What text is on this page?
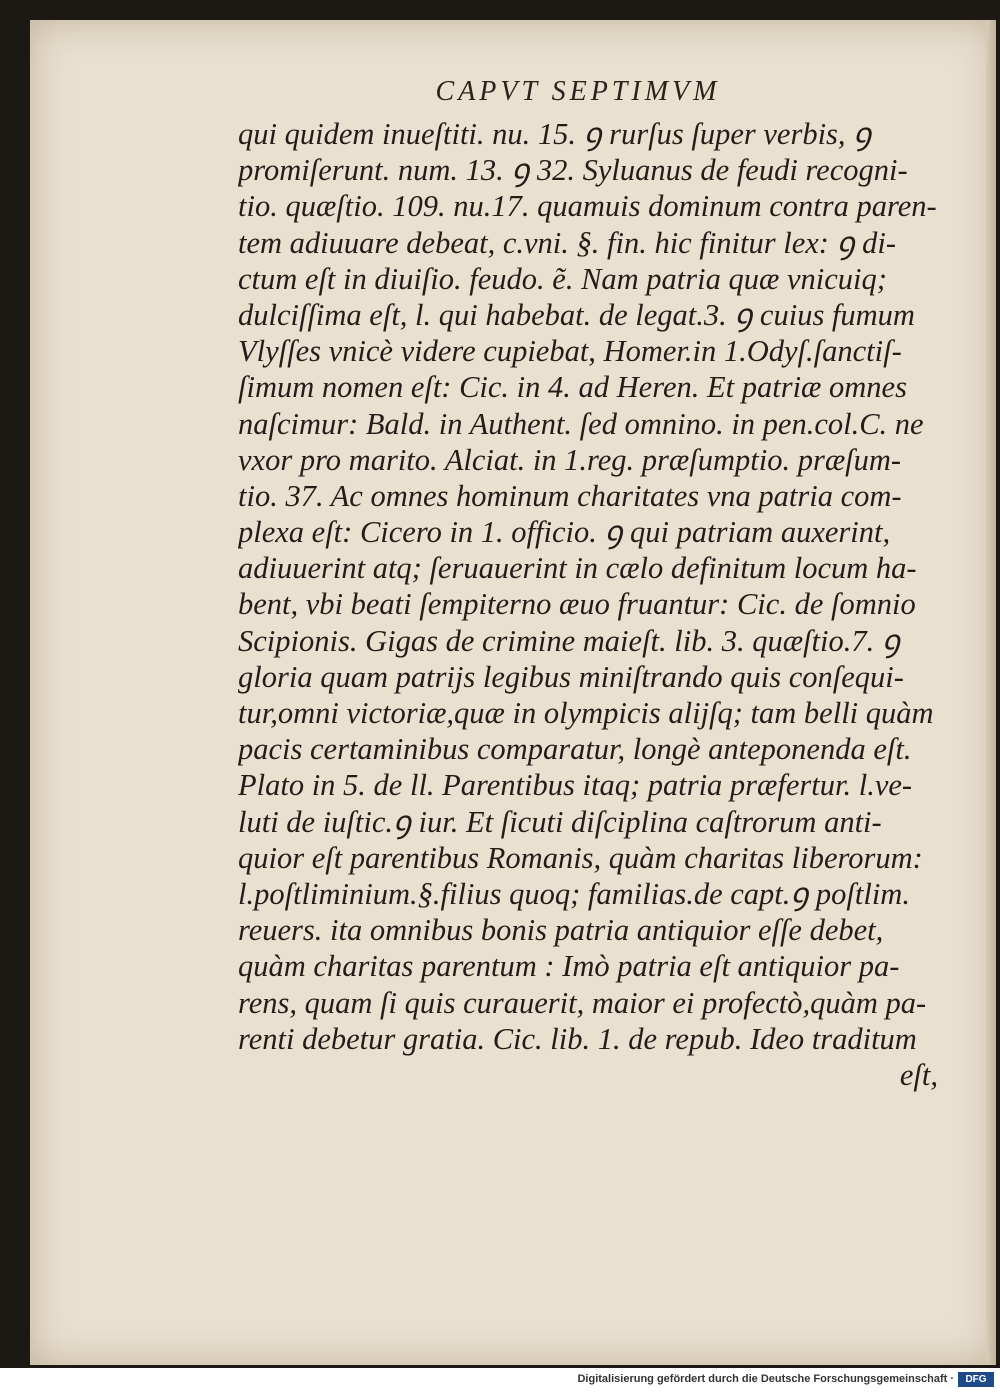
CAPVT SEPTIMVM
qui quidem inueſtiti. nu. 15. ꝯ rurſus ſuper verbis, ꝯ
promiſerunt. num. 13. ꝯ 32. Syluanus de feudi recogni-
tio. quæſtio. 109. nu.17. quamuis dominum contra paren-
tem adiuuare debeat, c.vni. §. fin. hic finitur lex: ꝯ di-
ctum eſt in diuiſio. feudo. ẽ. Nam patria quæ vnicuiq;
dulciſſima eſt, l. qui habebat. de legat.3. ꝯ cuius fumum
Vlyſſes vnicè videre cupiebat, Homer.in 1.Odyſ.ſanctiſ-
ſimum nomen eſt: Cic. in 4. ad Heren. Et patriæ omnes
naſcimur: Bald. in Authent. ſed omnino. in pen.col.C. ne
vxor pro marito. Alciat. in 1.reg. præſumptio. præſum-
tio. 37. Ac omnes hominum charitates vna patria com-
plexa eſt: Cicero in 1. officio. ꝯ qui patriam auxerint,
adiuuerint atq; ſeruauerint in cælo definitum locum ha-
bent, vbi beati ſempiterno æuo fruantur: Cic. de ſomnio
Scipionis. Gigas de crimine maieſt. lib. 3. quæſtio.7. ꝯ
gloria quam patrijs legibus miniſtrando quis conſequi-
tur,omni victoriæ,quæ in olympicis alijſq; tam belli quàm
pacis certaminibus comparatur, longè anteponenda eſt.
Plato in 5. de ll. Parentibus itaq; patria præfertur. l.ve-
luti de iuſtic.ꝯ iur. Et ſicuti diſciplina caſtrorum anti-
quior eſt parentibus Romanis, quàm charitas liberorum:
l.poſtliminium.§.filius quoq; familias.de capt.ꝯ poſtlim.
reuers. ita omnibus bonis patria antiquior eſſe debet,
quàm charitas parentum : Imò patria eſt antiquior pa-
rens, quam ſi quis curauerit, maior ei profectò,quàm pa-
renti debetur gratia. Cic. lib. 1. de repub. Ideo traditum
eſt,
Digitalisierung gefördert durch die Deutsche Forschungsgemeinschaft ·	DFG
